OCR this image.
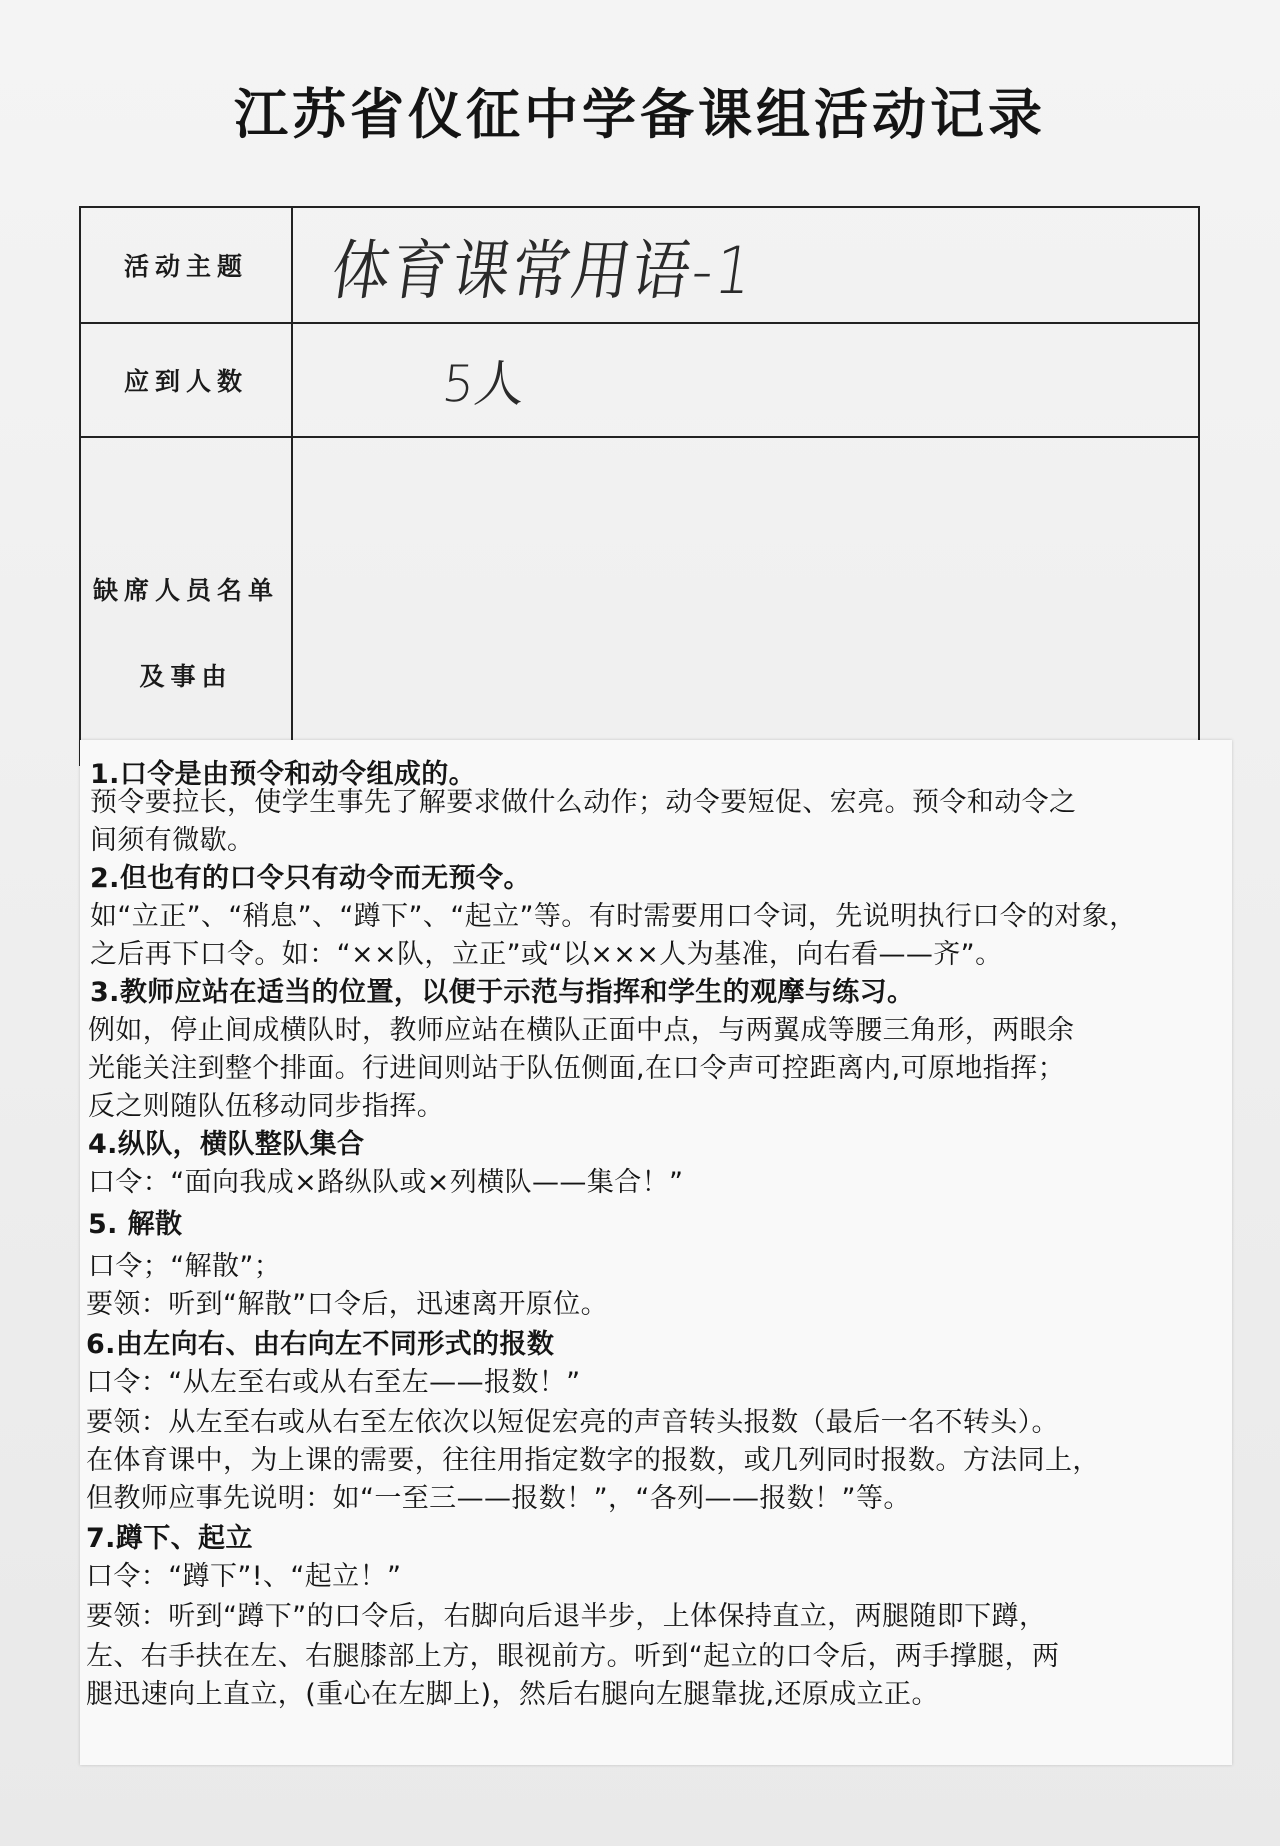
江苏省仪征中学备课组活动记录
活动主题	体育课常用语-1
应到人数	5人
缺席人员名单
及事由
1.口令是由预令和动令组成的。
预令要拉长，使学生事先了解要求做什么动作；动令要短促、宏亮。预令和动令之
间须有微歇。
2.但也有的口令只有动令而无预令。
如“立正”、“稍息”、“蹲下”、“起立”等。有时需要用口令词，先说明执行口令的对象，
之后再下口令。如：“××队，立正”或“以×××人为基准，向右看——齐”。
3.教师应站在适当的位置，以便于示范与指挥和学生的观摩与练习。
例如，停止间成横队时，教师应站在横队正面中点，与两翼成等腰三角形，两眼余
光能关注到整个排面。行进间则站于队伍侧面,在口令声可控距离内,可原地指挥；
反之则随队伍移动同步指挥。
4.纵队，横队整队集合
口令：“面向我成×路纵队或×列横队——集合！”
5. 解散
口令；“解散”；
要领：听到“解散”口令后，迅速离开原位。
6.由左向右、由右向左不同形式的报数
口令：“从左至右或从右至左——报数！”
要领：从左至右或从右至左依次以短促宏亮的声音转头报数（最后一名不转头）。
在体育课中，为上课的需要，往往用指定数字的报数，或几列同时报数。方法同上，
但教师应事先说明：如“一至三——报数！”，“各列——报数！”等。
7.蹲下、起立
口令：“蹲下”!、“起立！”
要领：听到“蹲下”的口令后，右脚向后退半步，上体保持直立，两腿随即下蹲，
左、右手扶在左、右腿膝部上方，眼视前方。听到“起立的口令后，两手撑腿，两
腿迅速向上直立，(重心在左脚上)，然后右腿向左腿靠拢,还原成立正。
